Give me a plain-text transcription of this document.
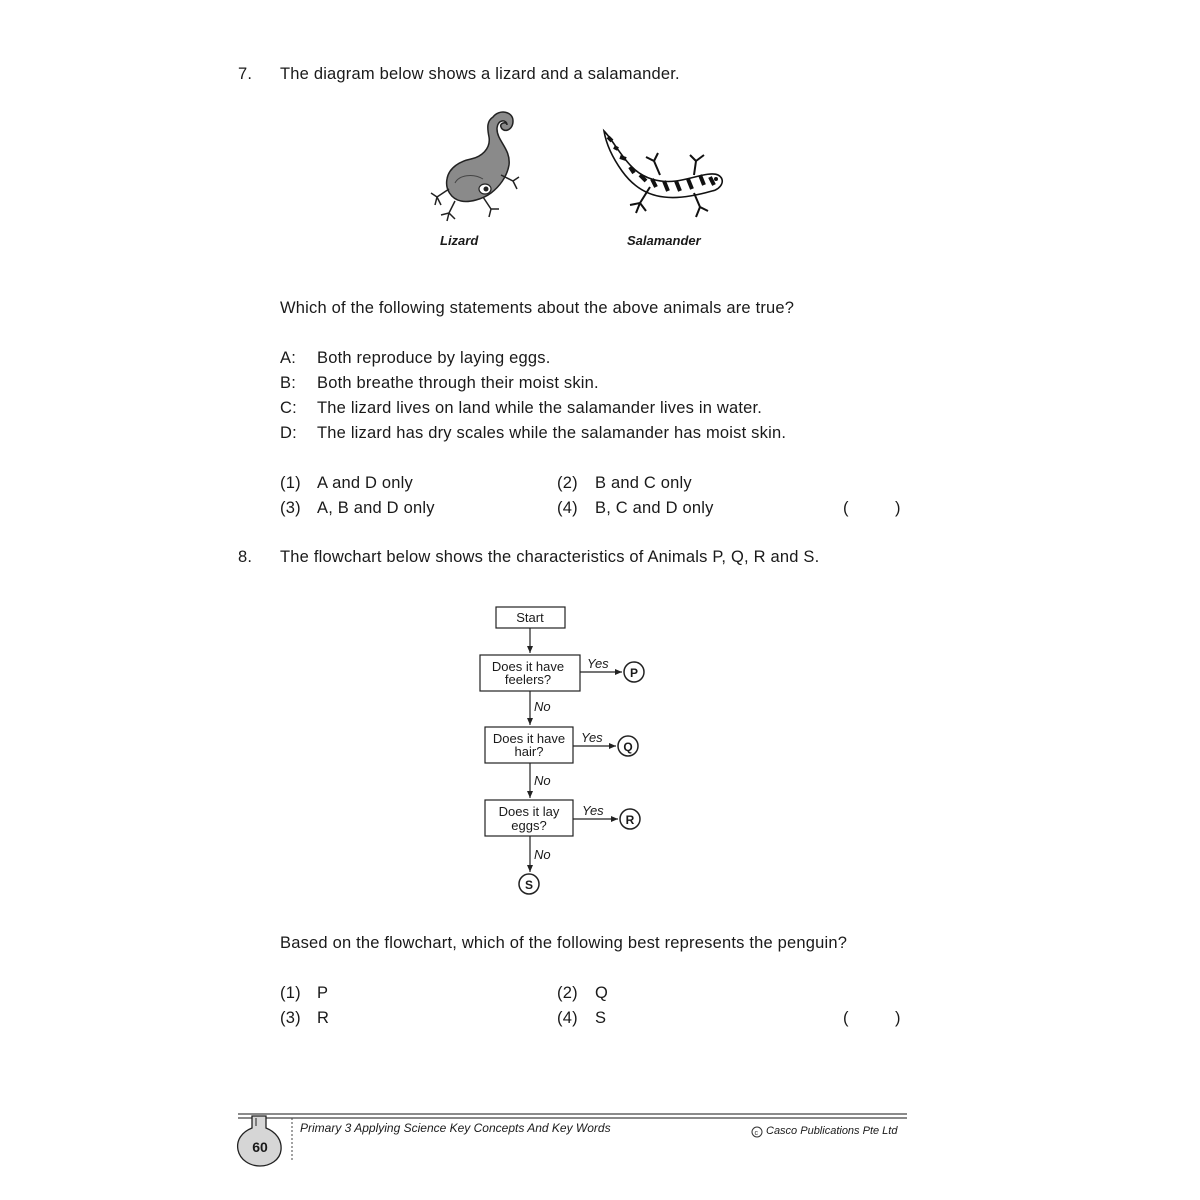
7. The diagram below shows a lizard and a salamander.
Lizard	Salamander
Which of the following statements about the above animals are true?
A: Both reproduce by laying eggs.
B: Both breathe through their moist skin.
C: The lizard lives on land while the salamander lives in water.
D: The lizard has dry scales while the salamander has moist skin.
(1) A and D only	(2) B and C only
(3) A, B and D only	(4) B, C and D only	(	)
8. The flowchart below shows the characteristics of Animals P, Q, R and S.
Start
Does it have
feelers?
Does it have
hair?
Does it lay
eggs?
Yes
Yes
Yes
No
No
No
P
Q
R
S
Based on the flowchart, which of the following best represents the penguin?
(1) P	(2) Q
(3) R	(4) S	(	)
c
60
Primary 3 Applying Science Key Concepts And Key Words	Casco Publications Pte Ltd
